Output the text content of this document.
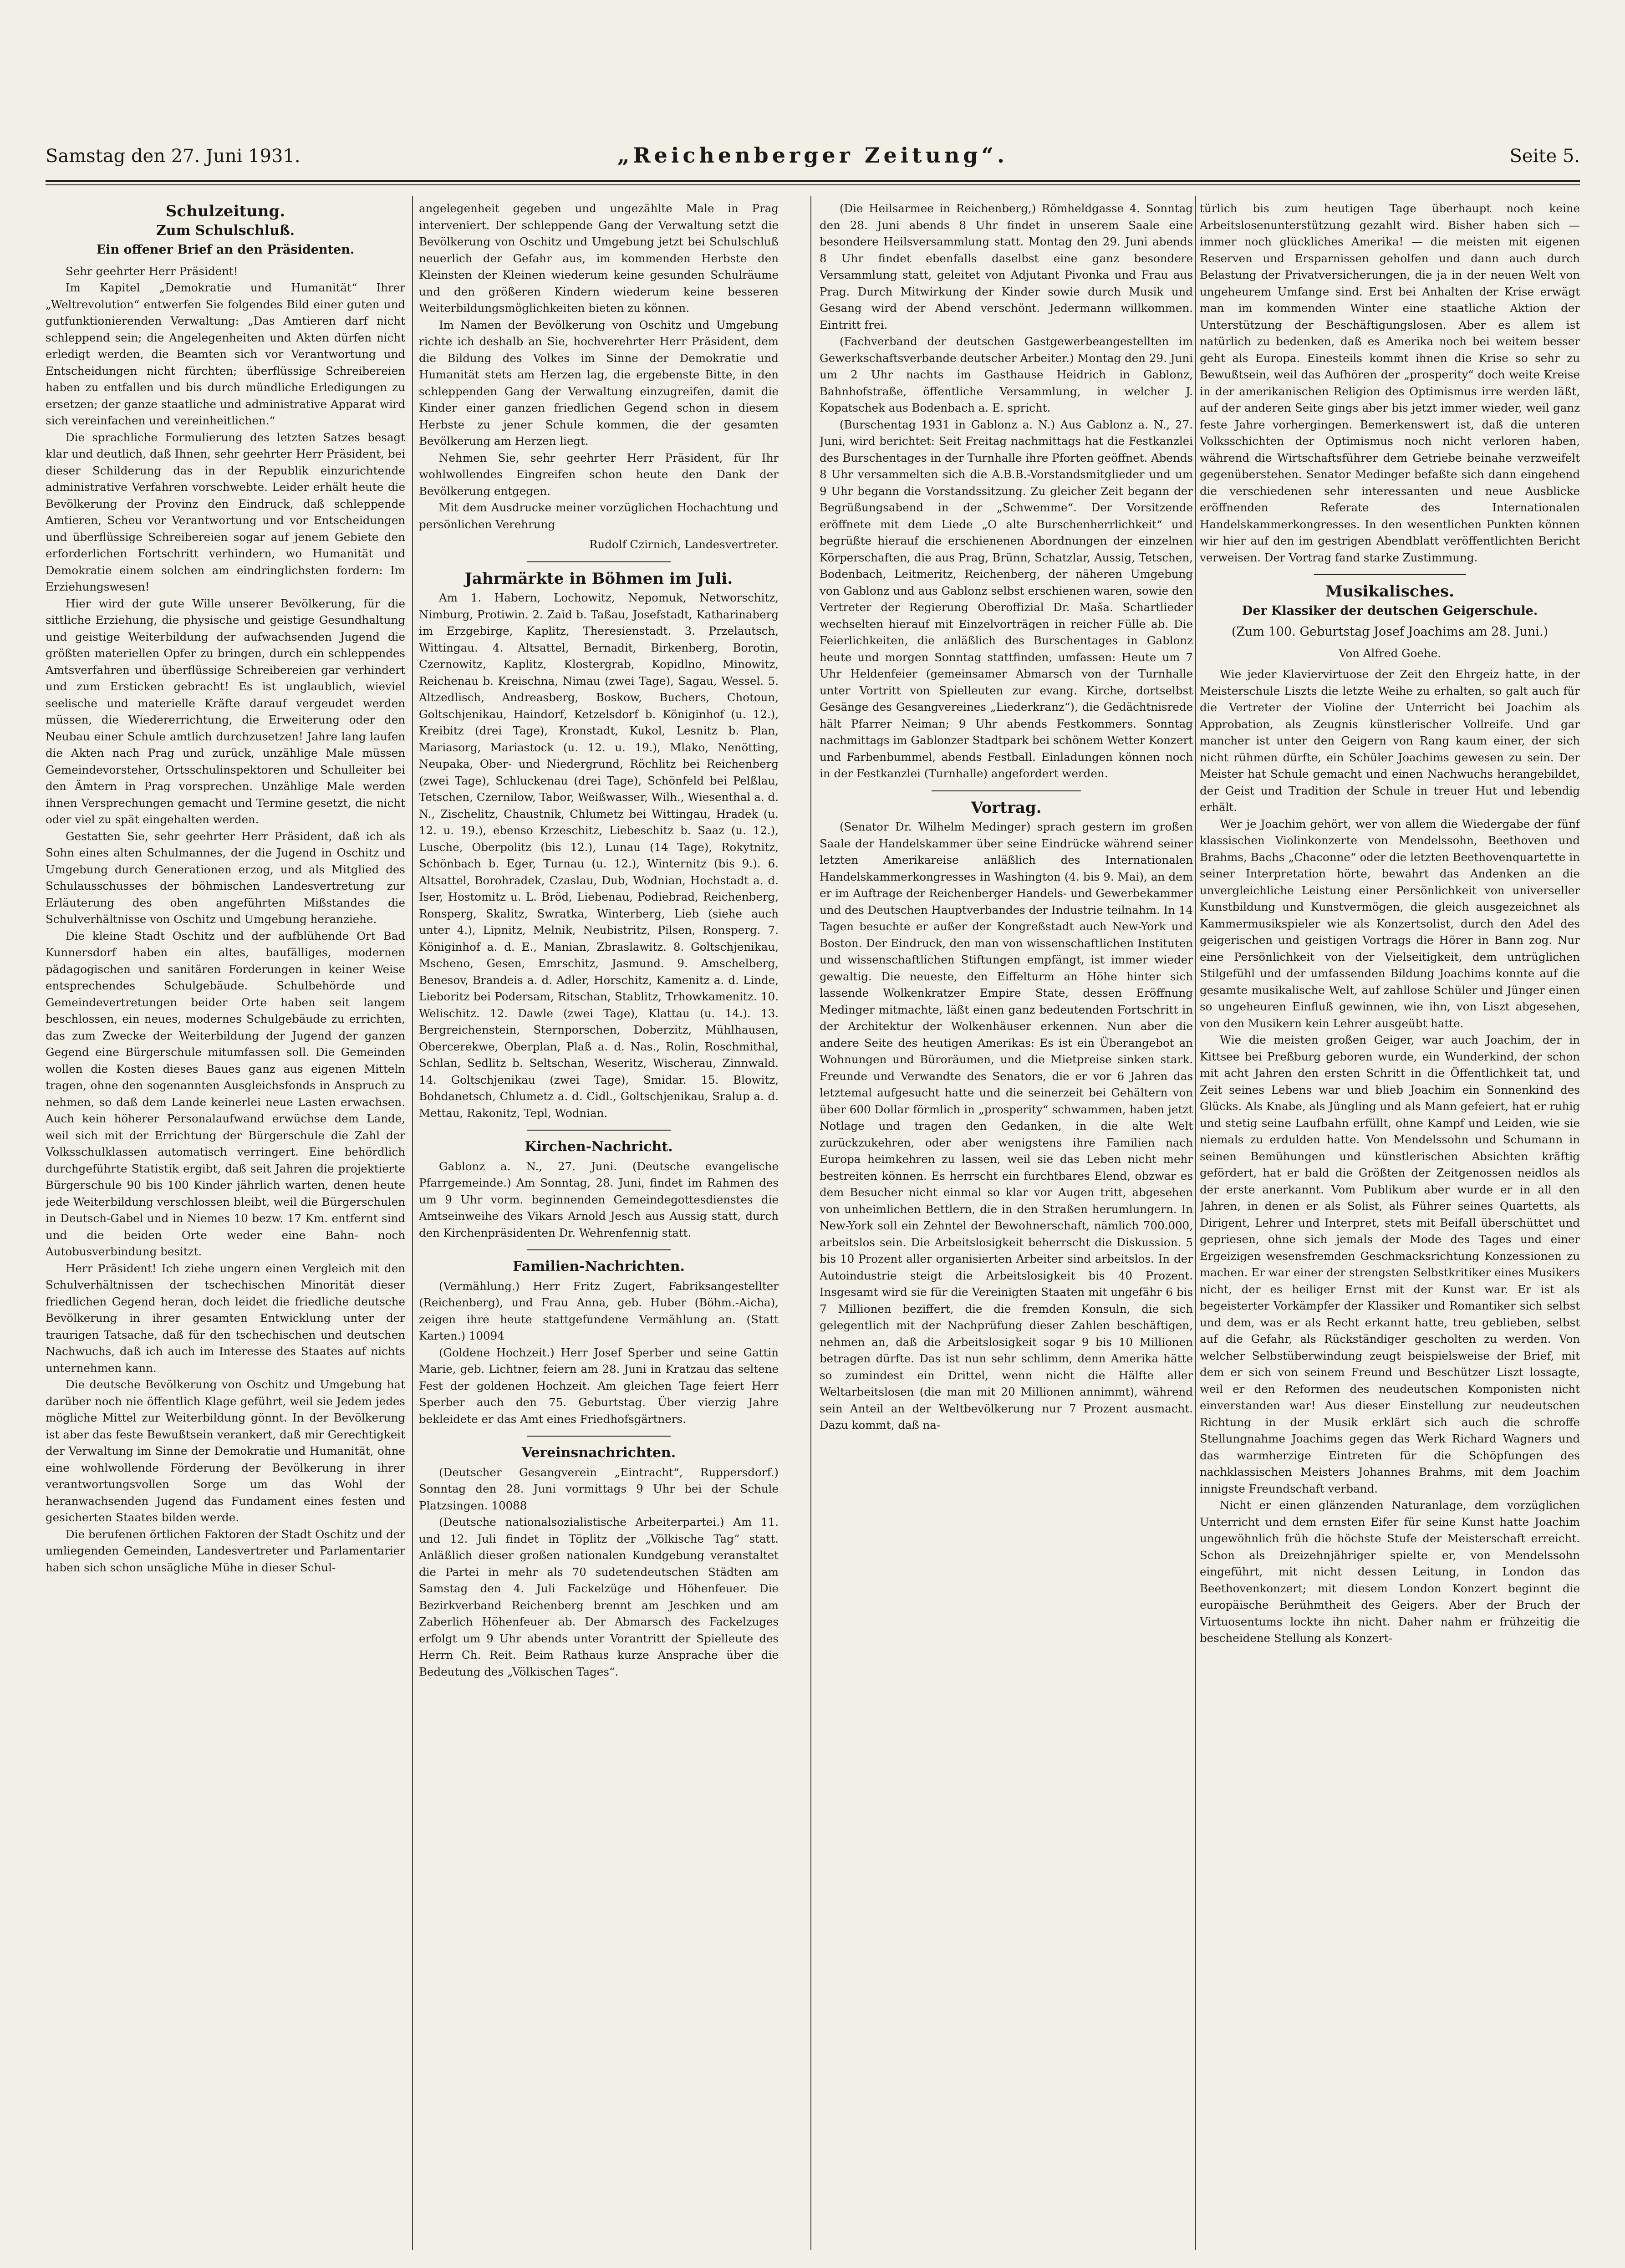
Samstag den 27. Juni 1931.	„Reichenberger Zeitung“.	Seite 5.
Schulzeitung.
Zum Schulschluß.
Ein offener Brief an den Präsidenten.

Sehr geehrter Herr Präsident!

Im Kapitel „Demokratie und Humanität“ Ihrer „Weltrevolution“ entwerfen Sie folgendes Bild einer guten und gutfunktionierenden Verwaltung: „Das Amtieren darf nicht schleppend sein; die Angelegenheiten und Akten dürfen nicht erledigt werden, die Beamten sich vor Verantwortung und Entscheidungen nicht fürchten; überflüssige Schreibereien haben zu entfallen und bis durch mündliche Erledigungen zu ersetzen; der ganze staatliche und administrative Apparat wird sich vereinfachen und vereinheitlichen.“

Die sprachliche Formulierung des letzten Satzes besagt klar und deutlich, daß Ihnen, sehr geehrter Herr Präsident, bei dieser Schilderung das in der Republik einzurichtende administrative Verfahren vorschwebte. Leider erhält heute die Bevölkerung der Provinz den Eindruck, daß schleppende Amtieren, Scheu vor Verantwortung und vor Entscheidungen und überflüssige Schreibereien sogar auf jenem Gebiete den erforderlichen Fortschritt verhindern, wo Humanität und Demokratie einem solchen am eindringlichsten fordern: Im Erziehungswesen!

Hier wird der gute Wille unserer Bevölkerung, für die sittliche Erziehung, die physische und geistige Gesundhaltung und geistige Weiterbildung der aufwachsenden Jugend die größten materiellen Opfer zu bringen, durch ein schleppendes Amtsverfahren und überflüssige Schreibereien gar verhindert und zum Ersticken gebracht! Es ist unglaublich, wieviel seelische und materielle Kräfte darauf vergeudet werden müssen, die Wiedererrichtung, die Erweiterung oder den Neubau einer Schule amtlich durchzusetzen! Jahre lang laufen die Akten nach Prag und zurück, unzählige Male müssen Gemeindevorsteher, Ortsschulinspektoren und Schulleiter bei den Ämtern in Prag vorsprechen. Unzählige Male werden ihnen Versprechungen gemacht und Termine gesetzt, die nicht oder viel zu spät eingehalten werden.

Gestatten Sie, sehr geehrter Herr Präsident, daß ich als Sohn eines alten Schulmannes, der die Jugend in Oschitz und Umgebung durch Generationen erzog, und als Mitglied des Schulausschusses der böhmischen Landesvertretung zur Erläuterung des oben angeführten Mißstandes die Schulverhältnisse von Oschitz und Umgebung heranziehe.

Die kleine Stadt Oschitz und der aufblühende Ort Bad Kunnersdorf haben ein altes, baufälliges, modernen pädagogischen und sanitären Forderungen in keiner Weise entsprechendes Schulgebäude. Schulbehörde und Gemeindevertretungen beider Orte haben seit langem beschlossen, ein neues, modernes Schulgebäude zu errichten, das zum Zwecke der Weiterbildung der Jugend der ganzen Gegend eine Bürgerschule mitumfassen soll. Die Gemeinden wollen die Kosten dieses Baues ganz aus eigenen Mitteln tragen, ohne den sogenannten Ausgleichsfonds in Anspruch zu nehmen, so daß dem Lande keinerlei neue Lasten erwachsen. Auch kein höherer Personalaufwand erwüchse dem Lande, weil sich mit der Errichtung der Bürgerschule die Zahl der Volksschulklassen automatisch verringert. Eine behördlich durchgeführte Statistik ergibt, daß seit Jahren die projektierte Bürgerschule 90 bis 100 Kinder jährlich warten, denen heute jede Weiterbildung verschlossen bleibt, weil die Bürgerschulen in Deutsch-Gabel und in Niemes 10 bezw. 17 Km. entfernt sind und die beiden Orte weder eine Bahn- noch Autobusverbindung besitzt.

Herr Präsident! Ich ziehe ungern einen Vergleich mit den Schulverhältnissen der tschechischen Minorität dieser friedlichen Gegend heran, doch leidet die friedliche deutsche Bevölkerung in ihrer gesamten Entwicklung unter der traurigen Tatsache, daß für den tschechischen und deutschen Nachwuchs, daß ich auch im Interesse des Staates auf nichts unternehmen kann.

Die deutsche Bevölkerung von Oschitz und Umgebung hat darüber noch nie öffentlich Klage geführt, weil sie Jedem jedes mögliche Mittel zur Weiterbildung gönnt. In der Bevölkerung ist aber das feste Bewußtsein verankert, daß mir Gerechtigkeit der Verwaltung im Sinne der Demokratie und Humanität, ohne eine wohlwollende Förderung der Bevölkerung in ihrer verantwortungsvollen Sorge um das Wohl der heranwachsenden Jugend das Fundament eines festen und gesicherten Staates bilden werde.

Die berufenen örtlichen Faktoren der Stadt Oschitz und der umliegenden Gemeinden, Landesvertreter und Parlamentarier haben sich schon unsägliche Mühe in dieser Schul-

angelegenheit gegeben und ungezählte Male in Prag interveniert. Der schleppende Gang der Verwaltung setzt die Bevölkerung von Oschitz und Umgebung jetzt bei Schulschluß neuerlich der Gefahr aus, im kommenden Herbste den Kleinsten der Kleinen wiederum keine gesunden Schulräume und den größeren Kindern wiederum keine besseren Weiterbildungsmöglichkeiten bieten zu können.

Im Namen der Bevölkerung von Oschitz und Umgebung richte ich deshalb an Sie, hochverehrter Herr Präsident, dem die Bildung des Volkes im Sinne der Demokratie und Humanität stets am Herzen lag, die ergebenste Bitte, in den schleppenden Gang der Verwaltung einzugreifen, damit die Kinder einer ganzen friedlichen Gegend schon in diesem Herbste zu jener Schule kommen, die der gesamten Bevölkerung am Herzen liegt.

Nehmen Sie, sehr geehrter Herr Präsident, für Ihr wohlwollendes Eingreifen schon heute den Dank der Bevölkerung entgegen.

Mit dem Ausdrucke meiner vorzüglichen Hochachtung und persönlichen Verehrung

Rudolf Czirnich, Landesvertreter.
Jahrmärkte in Böhmen im Juli.

Am 1. Habern, Lochowitz, Nepomuk, Networschitz, Nimburg, Protiwin. 2. Zaid b. Taßau, Josefstadt, Katharinaberg im Erzgebirge, Kaplitz, Theresienstadt. 3. Przelautsch, Wittingau. 4. Altsattel, Bernadit, Birkenberg, Borotin, Czernowitz, Kaplitz, Klostergrab, Kopidlno, Minowitz, Reichenau b. Kreischna, Nimau (zwei Tage), Sagau, Wessel. 5. Altzedlisch, Andreasberg, Boskow, Buchers, Chotoun, Goltschjenikau, Haindorf, Ketzelsdorf b. Königinhof (u. 12.), Kreibitz (drei Tage), Kronstadt, Kukol, Lesnitz b. Plan, Mariasorg, Mariastock (u. 12. u. 19.), Mlako, Nenötting, Neupaka, Ober- und Niedergrund, Röchlitz bei Reichenberg (zwei Tage), Schluckenau (drei Tage), Schönfeld bei Pelßlau, Tetschen, Czernilow, Tabor, Weißwasser, Wilh., Wiesenthal a. d. N., Zischelitz, Chaustnik, Chlumetz bei Wittingau, Hradek (u. 12. u. 19.), ebenso Krzeschitz, Liebeschitz b. Saaz (u. 12.), Lusche, Oberpolitz (bis 12.), Lunau (14 Tage), Rokytnitz, Schönbach b. Eger, Turnau (u. 12.), Winternitz (bis 9.). 6. Altsattel, Borohradek, Czaslau, Dub, Wodnian, Hochstadt a. d. Iser, Hostomitz u. L. Bröd, Liebenau, Podiebrad, Reichenberg, Ronsperg, Skalitz, Swratka, Winterberg, Lieb (siehe auch unter 4.), Lipnitz, Melnik, Neubistritz, Pilsen, Ronsperg. 7. Königinhof a. d. E., Manian, Zbraslawitz. 8. Goltschjenikau, Mscheno, Gesen, Emrschitz, Jasmund. 9. Amschelberg, Benesov, Brandeis a. d. Adler, Horschitz, Kamenitz a. d. Linde, Lieboritz bei Podersam, Ritschan, Stablitz, Trhowkamenitz. 10. Welischitz. 12. Dawle (zwei Tage), Klattau (u. 14.). 13. Bergreichenstein, Sternporschen, Doberzitz, Mühlhausen, Obercerekwe, Oberplan, Plaß a. d. Nas., Rolin, Roschmithal, Schlan, Sedlitz b. Seltschan, Weseritz, Wischerau, Zinnwald. 14. Goltschjenikau (zwei Tage), Smidar. 15. Blowitz, Bohdanetsch, Chlumetz a. d. Cidl., Goltschjenikau, Sralup a. d. Mettau, Rakonitz, Tepl, Wodnian.

Kirchen-Nachricht.

Gablonz a. N., 27. Juni. (Deutsche evangelische Pfarrgemeinde.) Am Sonntag, 28. Juni, findet im Rahmen des um 9 Uhr vorm. beginnenden Gemeindegottesdienstes die Amtseinweihe des Vikars Arnold Jesch aus Aussig statt, durch den Kirchenpräsidenten Dr. Wehrenfennig statt.

Familien-Nachrichten.

(Vermählung.) Herr Fritz Zugert, Fabriksangestellter (Reichenberg), und Frau Anna, geb. Huber (Böhm.-Aicha), zeigen ihre heute stattgefundene Vermählung an. (Statt Karten.) 10094

(Goldene Hochzeit.) Herr Josef Sperber und seine Gattin Marie, geb. Lichtner, feiern am 28. Juni in Kratzau das seltene Fest der goldenen Hochzeit. Am gleichen Tage feiert Herr Sperber auch den 75. Geburtstag. Über vierzig Jahre bekleidete er das Amt eines Friedhofsgärtners.

Vereinsnachrichten.

(Deutscher Gesangverein „Eintracht“, Ruppersdorf.) Sonntag den 28. Juni vormittags 9 Uhr bei der Schule Platzsingen. 10088

(Deutsche nationalsozialistische Arbeiterpartei.) Am 11. und 12. Juli findet in Töplitz der „Völkische Tag“ statt. Anläßlich dieser großen nationalen Kundgebung veranstaltet die Partei in mehr als 70 sudetendeutschen Städten am Samstag den 4. Juli Fackelzüge und Höhenfeuer. Die Bezirkverband Reichenberg brennt am Jeschken und am Zaberlich Höhenfeuer ab. Der Abmarsch des Fackelzuges erfolgt um 9 Uhr abends unter Vorantritt der Spielleute des Herrn Ch. Reit. Beim Rathaus kurze Ansprache über die Bedeutung des „Völkischen Tages“.

(Die Heilsarmee in Reichenberg,) Römheldgasse 4. Sonntag den 28. Juni abends 8 Uhr findet in unserem Saale eine besondere Heilsversammlung statt. Montag den 29. Juni abends 8 Uhr findet ebenfalls daselbst eine ganz besondere Versammlung statt, geleitet von Adjutant Pivonka und Frau aus Prag. Durch Mitwirkung der Kinder sowie durch Musik und Gesang wird der Abend verschönt. Jedermann willkommen. Eintritt frei.

(Fachverband der deutschen Gastgewerbeangestellten im Gewerkschaftsverbande deutscher Arbeiter.) Montag den 29. Juni um 2 Uhr nachts im Gasthause Heidrich in Gablonz, Bahnhofstraße, öffentliche Versammlung, in welcher J. Kopatschek aus Bodenbach a. E. spricht.

(Burschentag 1931 in Gablonz a. N.) Aus Gablonz a. N., 27. Juni, wird berichtet: Seit Freitag nachmittags hat die Festkanzlei des Burschentages in der Turnhalle ihre Pforten geöffnet. Abends 8 Uhr versammelten sich die A.B.B.-Vorstandsmitglieder und um 9 Uhr begann die Vorstandssitzung. Zu gleicher Zeit begann der Begrüßungsabend in der „Schwemme“. Der Vorsitzende eröffnete mit dem Liede „O alte Burschenherrlichkeit“ und begrüßte hierauf die erschienenen Abordnungen der einzelnen Körperschaften, die aus Prag, Brünn, Schatzlar, Aussig, Tetschen, Bodenbach, Leitmeritz, Reichenberg, der näheren Umgebung von Gablonz und aus Gablonz selbst erschienen waren, sowie den Vertreter der Regierung Oberoffizial Dr. Maša. Schartlieder wechselten hierauf mit Einzelvorträgen in reicher Fülle ab. Die Feierlichkeiten, die anläßlich des Burschentages in Gablonz heute und morgen Sonntag stattfinden, umfassen: Heute um 7 Uhr Heldenfeier (gemeinsamer Abmarsch von der Turnhalle unter Vortritt von Spielleuten zur evang. Kirche, dortselbst Gesänge des Gesangvereines „Liederkranz“), die Gedächtnisrede hält Pfarrer Neiman; 9 Uhr abends Festkommers. Sonntag nachmittags im Gablonzer Stadtpark bei schönem Wetter Konzert und Farbenbummel, abends Festball. Einladungen können noch in der Festkanzlei (Turnhalle) angefordert werden.

Vortrag.

(Senator Dr. Wilhelm Medinger) sprach gestern im großen Saale der Handelskammer über seine Eindrücke während seiner letzten Amerikareise anläßlich des Internationalen Handelskammerkongresses in Washington (4. bis 9. Mai), an dem er im Auftrage der Reichenberger Handels- und Gewerbekammer und des Deutschen Hauptverbandes der Industrie teilnahm. In 14 Tagen besuchte er außer der Kongreßstadt auch New-York und Boston. Der Eindruck, den man von wissenschaftlichen Instituten und wissenschaftlichen Stiftungen empfängt, ist immer wieder gewaltig. Die neueste, den Eiffelturm an Höhe hinter sich lassende Wolkenkratzer Empire State, dessen Eröffnung Medinger mitmachte, läßt einen ganz bedeutenden Fortschritt in der Architektur der Wolkenhäuser erkennen. Nun aber die andere Seite des heutigen Amerikas: Es ist ein Überangebot an Wohnungen und Büroräumen, und die Mietpreise sinken stark. Freunde und Verwandte des Senators, die er vor 6 Jahren das letztemal aufgesucht hatte und die seinerzeit bei Gehältern von über 600 Dollar förmlich in „prosperity“ schwammen, haben jetzt Notlage und tragen den Gedanken, in die alte Welt zurückzukehren, oder aber wenigstens ihre Familien nach Europa heimkehren zu lassen, weil sie das Leben nicht mehr bestreiten können. Es herrscht ein furchtbares Elend, obzwar es dem Besucher nicht einmal so klar vor Augen tritt, abgesehen von unheimlichen Bettlern, die in den Straßen herumlungern. In New-York soll ein Zehntel der Bewohnerschaft, nämlich 700.000, arbeitslos sein. Die Arbeitslosigkeit beherrscht die Diskussion. 5 bis 10 Prozent aller organisierten Arbeiter sind arbeitslos. In der Autoindustrie steigt die Arbeitslosigkeit bis 40 Prozent. Insgesamt wird sie für die Vereinigten Staaten mit ungefähr 6 bis 7 Millionen beziffert, die die fremden Konsuln, die sich gelegentlich mit der Nachprüfung dieser Zahlen beschäftigen, nehmen an, daß die Arbeitslosigkeit sogar 9 bis 10 Millionen betragen dürfte. Das ist nun sehr schlimm, denn Amerika hätte so zumindest ein Drittel, wenn nicht die Hälfte aller Weltarbeitslosen (die man mit 20 Millionen annimmt), während sein Anteil an der Weltbevölkerung nur 7 Prozent ausmacht. Dazu kommt, daß na-

türlich bis zum heutigen Tage überhaupt noch keine Arbeitslosenunterstützung gezahlt wird. Bisher haben sich — immer noch glückliches Amerika! — die meisten mit eigenen Reserven und Ersparnissen geholfen und dann auch durch Belastung der Privatversicherungen, die ja in der neuen Welt von ungeheurem Umfange sind. Erst bei Anhalten der Krise erwägt man im kommenden Winter eine staatliche Aktion der Unterstützung der Beschäftigungslosen. Aber es allem ist natürlich zu bedenken, daß es Amerika noch bei weitem besser geht als Europa. Einesteils kommt ihnen die Krise so sehr zu Bewußtsein, weil das Aufhören der „prosperity“ doch weite Kreise in der amerikanischen Religion des Optimismus irre werden läßt, auf der anderen Seite gings aber bis jetzt immer wieder, weil ganz feste Jahre vorhergingen. Bemerkenswert ist, daß die unteren Volksschichten der Optimismus noch nicht verloren haben, während die Wirtschaftsführer dem Getriebe beinahe verzweifelt gegenüberstehen. Senator Medinger befaßte sich dann eingehend die verschiedenen sehr interessanten und neue Ausblicke eröffnenden Referate des Internationalen Handelskammerkongresses. In den wesentlichen Punkten können wir hier auf den im gestrigen Abendblatt veröffentlichten Bericht verweisen. Der Vortrag fand starke Zustimmung.

Musikalisches.
Der Klassiker der deutschen Geigerschule.
(Zum 100. Geburtstag Josef Joachims am 28. Juni.)
Von Alfred Goehe.

Wie jeder Klaviervirtuose der Zeit den Ehrgeiz hatte, in der Meisterschule Liszts die letzte Weihe zu erhalten, so galt auch für die Vertreter der Violine der Unterricht bei Joachim als Approbation, als Zeugnis künstlerischer Vollreife. Und gar mancher ist unter den Geigern von Rang kaum einer, der sich nicht rühmen dürfte, ein Schüler Joachims gewesen zu sein. Der Meister hat Schule gemacht und einen Nachwuchs herangebildet, der Geist und Tradition der Schule in treuer Hut und lebendig erhält.

Wer je Joachim gehört, wer von allem die Wiedergabe der fünf klassischen Violinkonzerte von Mendelssohn, Beethoven und Brahms, Bachs „Chaconne“ oder die letzten Beethovenquartette in seiner Interpretation hörte, bewahrt das Andenken an die unvergleichliche Leistung einer Persönlichkeit von universeller Kunstbildung und Kunstvermögen, die gleich ausgezeichnet als Kammermusikspieler wie als Konzertsolist, durch den Adel des geigerischen und geistigen Vortrags die Hörer in Bann zog. Nur eine Persönlichkeit von der Vielseitigkeit, dem untrüglichen Stilgefühl und der umfassenden Bildung Joachims konnte auf die gesamte musikalische Welt, auf zahllose Schüler und Jünger einen so ungeheuren Einfluß gewinnen, wie ihn, von Liszt abgesehen, von den Musikern kein Lehrer ausgeübt hatte.

Wie die meisten großen Geiger, war auch Joachim, der in Kittsee bei Preßburg geboren wurde, ein Wunderkind, der schon mit acht Jahren den ersten Schritt in die Öffentlichkeit tat, und Zeit seines Lebens war und blieb Joachim ein Sonnenkind des Glücks. Als Knabe, als Jüngling und als Mann gefeiert, hat er ruhig und stetig seine Laufbahn erfüllt, ohne Kampf und Leiden, wie sie niemals zu erdulden hatte. Von Mendelssohn und Schumann in seinen Bemühungen und künstlerischen Absichten kräftig gefördert, hat er bald die Größten der Zeitgenossen neidlos als der erste anerkannt. Vom Publikum aber wurde er in all den Jahren, in denen er als Solist, als Führer seines Quartetts, als Dirigent, Lehrer und Interpret, stets mit Beifall überschüttet und gepriesen, ohne sich jemals der Mode des Tages und einer Ergeizigen wesensfremden Geschmacksrichtung Konzessionen zu machen. Er war einer der strengsten Selbstkritiker eines Musikers nicht, der es heiliger Ernst mit der Kunst war. Er ist als begeisterter Vorkämpfer der Klassiker und Romantiker sich selbst und dem, was er als Recht erkannt hatte, treu geblieben, selbst auf die Gefahr, als Rückständiger gescholten zu werden. Von welcher Selbstüberwindung zeugt beispielsweise der Brief, mit dem er sich von seinem Freund und Beschützer Liszt lossagte, weil er den Reformen des neudeutschen Komponisten nicht einverstanden war! Aus dieser Einstellung zur neudeutschen Richtung in der Musik erklärt sich auch die schroffe Stellungnahme Joachims gegen das Werk Richard Wagners und das warmherzige Eintreten für die Schöpfungen des nachklassischen Meisters Johannes Brahms, mit dem Joachim innigste Freundschaft verband.

Nicht er einen glänzenden Naturanlage, dem vorzüglichen Unterricht und dem ernsten Eifer für seine Kunst hatte Joachim ungewöhnlich früh die höchste Stufe der Meisterschaft erreicht. Schon als Dreizehnjähriger spielte er, von Mendelssohn eingeführt, mit nicht dessen Leitung, in London das Beethovenkonzert; mit diesem London Konzert beginnt die europäische Berühmtheit des Geigers. Aber der Bruch der Virtuosentums lockte ihn nicht. Daher nahm er frühzeitig die bescheidene Stellung als Konzert-
